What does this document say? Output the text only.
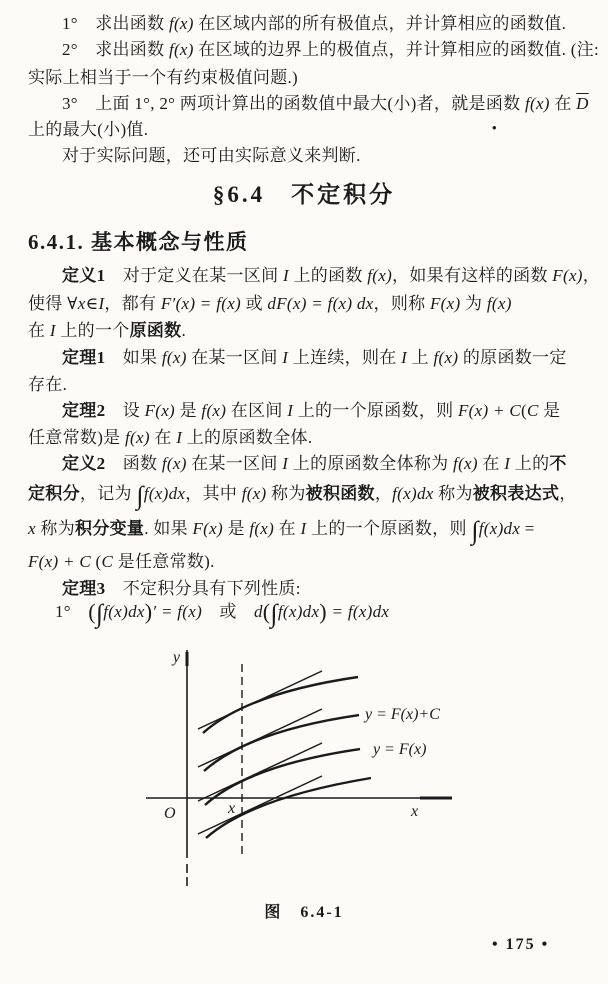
1°　求出函数 f(x) 在区域内部的所有极值点，并计算相应的函数值.
2°　求出函数 f(x) 在区域的边界上的极值点，并计算相应的函数值. (注:
实际上相当于一个有约束极值问题.)
3°　上面 1°, 2° 两项计算出的函数值中最大(小)者，就是函数 f(x) 在 $\overline{D}$
上的最大(小)值.	•
对于实际问题，还可由实际意义来判断.
§6.4　不定积分
6.4.1. 基本概念与性质
定义1　对于定义在某一区间 I 上的函数 f(x)，如果有这样的函数 F(x)，
使得 ∀x∈I，都有 F′(x) = f(x) 或 dF(x) = f(x) dx，则称 F(x) 为 f(x)
在 I 上的一个原函数.
定理1　如果 f(x) 在某一区间 I 上连续，则在 I 上 f(x) 的原函数一定
存在.
定理2　设 F(x) 是 f(x) 在区间 I 上的一个原函数，则 F(x) + C(C 是
任意常数)是 f(x) 在 I 上的原函数全体.
定义2　函数 f(x) 在某一区间 I 上的原函数全体称为 f(x) 在 I 上的不
定积分，记为 ∫f(x)dx，其中 f(x) 称为被积函数，f(x)dx 称为被积表达式，
x 称为积分变量. 如果 F(x) 是 f(x) 在 I 上的一个原函数，则 ∫f(x)dx =
F(x) + C (C 是任意常数).
定理3　不定积分具有下列性质:
1°　(∫f(x)dx)′ = f(x)　或　d(∫f(x)dx) = f(x)dx
y
x
O	x
y = F(x)+C
y = F(x)
图　6.4-1
• 175 •
